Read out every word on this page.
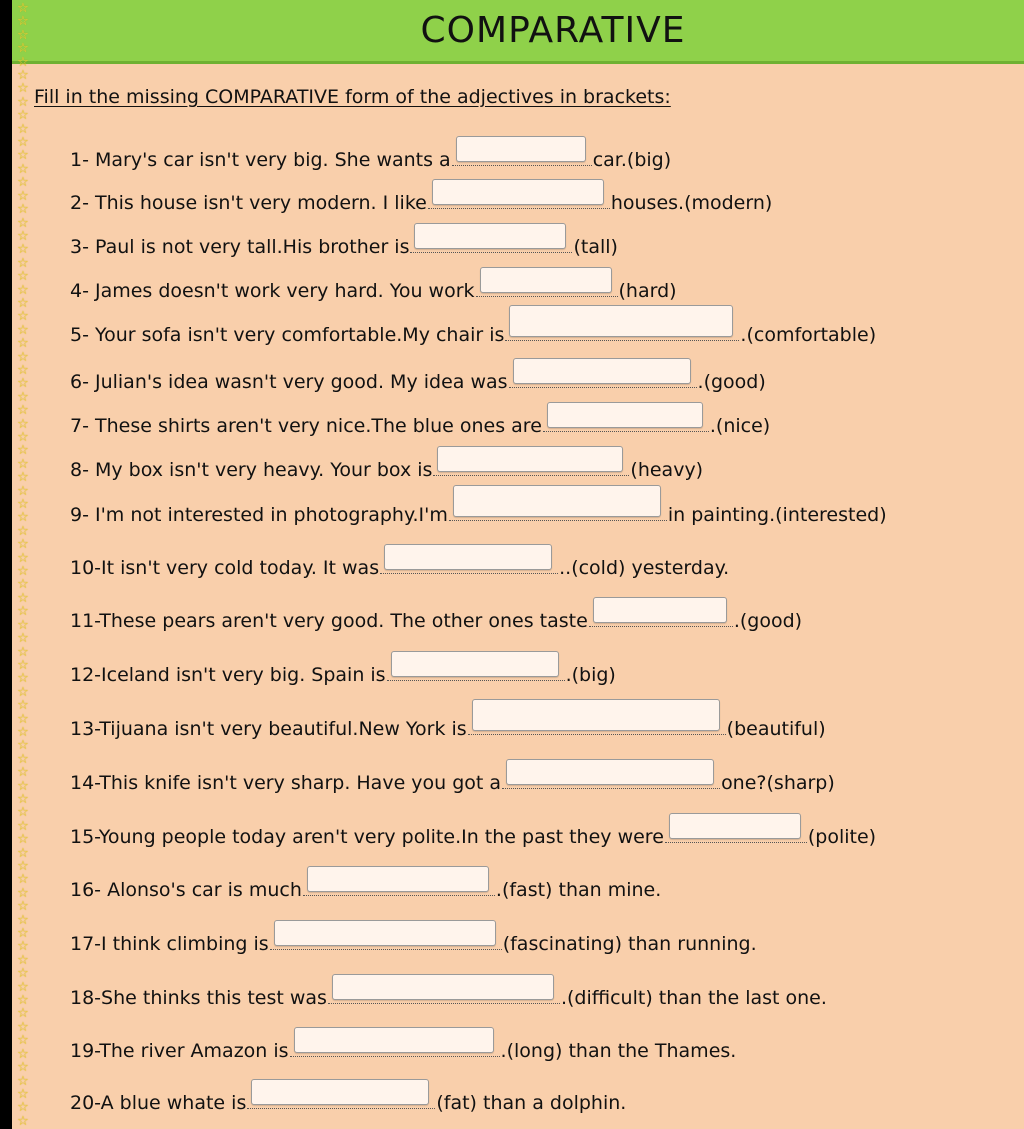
COMPARATIVE
☆
☆
☆
☆
☆
☆
☆
☆
☆
☆
☆
☆
☆
☆
☆
☆
☆
☆
☆
☆
☆
☆
☆
☆
☆
☆
☆
☆
☆
☆
☆
☆
☆
☆
☆
☆
☆
☆
☆
☆
☆
☆
☆
☆
☆
☆
☆
☆
☆
☆
☆
☆
☆
☆
☆
☆
☆
☆
☆
☆
☆
☆
☆
☆
☆
☆
☆
☆
☆
☆
☆
☆
☆
☆
☆
☆
☆
☆
☆
☆
☆
☆
☆
☆
Fill in the missing COMPARATIVE form of the adjectives in brackets:
1- Mary's car isn't very big. She wants a	car.(big)
2- This house isn't very modern. I like	houses.(modern)
3- Paul is not very tall.His brother is	(tall)
4- James doesn't work very hard. You work	(hard)
5- Your sofa isn't very comfortable.My chair is	.(comfortable)
6- Julian's idea wasn't very good. My idea was	.(good)
7- These shirts aren't very nice.The blue ones are	.(nice)
8- My box isn't very heavy. Your box is	(heavy)
9- I'm not interested in photography.I'm	in painting.(interested)
10-It isn't very cold today. It was	..(cold) yesterday.
11-These pears aren't very good. The other ones taste	.(good)
12-Iceland isn't very big. Spain is	.(big)
13-Tijuana isn't very beautiful.New York is	(beautiful)
14-This knife isn't very sharp. Have you got a	one?(sharp)
15-Young people today aren't very polite.In the past they were	(polite)
16- Alonso's car is much	.(fast) than mine.
17-I think climbing is	(fascinating) than running.
18-She thinks this test was	.(difficult) than the last one.
19-The river Amazon is	.(long) than the Thames.
20-A blue whate is	(fat) than a dolphin.
